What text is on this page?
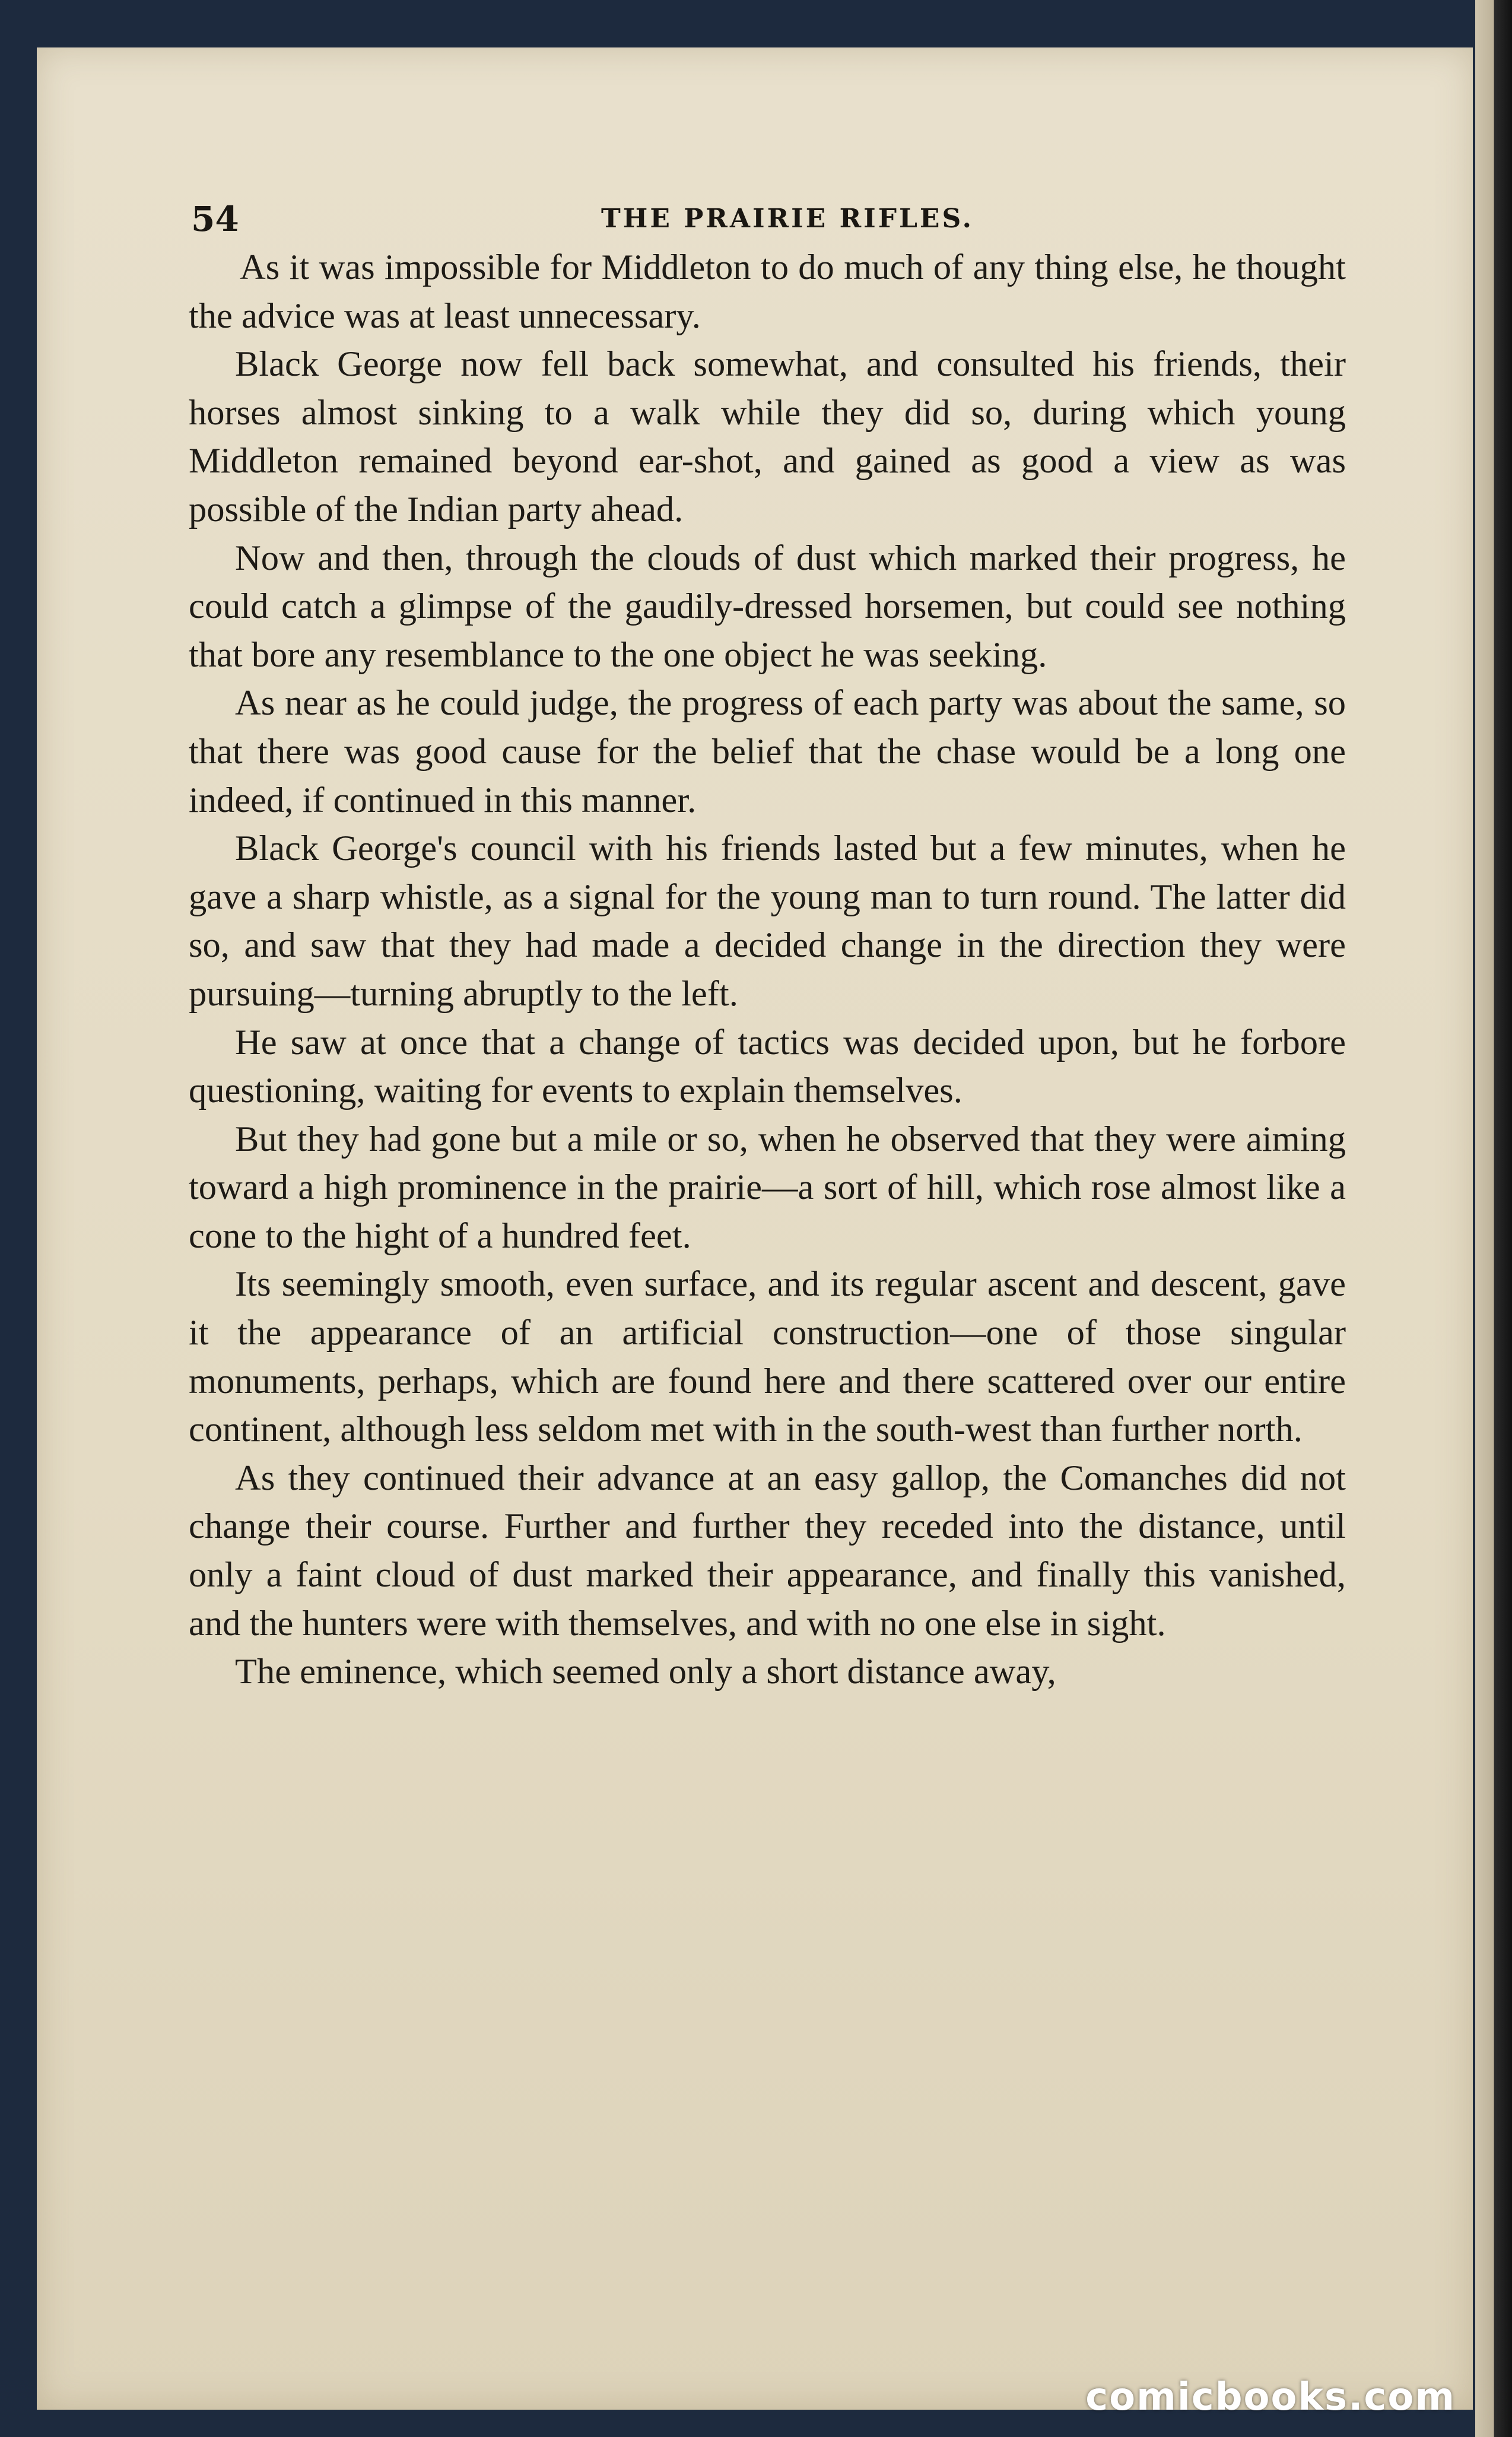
54	THE PRAIRIE RIFLES.

As it was impossible for Middleton to do much of any thing else, he thought the advice was at least unnecessary.

Black George now fell back somewhat, and consulted his friends, their horses almost sinking to a walk while they did so, during which young Middleton remained beyond ear-shot, and gained as good a view as was possible of the Indian party ahead.

Now and then, through the clouds of dust which marked their progress, he could catch a glimpse of the gaudily-dressed horsemen, but could see nothing that bore any resemblance to the one object he was seeking.

As near as he could judge, the progress of each party was about the same, so that there was good cause for the belief that the chase would be a long one indeed, if continued in this manner.

Black George's council with his friends lasted but a few minutes, when he gave a sharp whistle, as a signal for the young man to turn round. The latter did so, and saw that they had made a decided change in the direction they were pursuing—turning abruptly to the left.

He saw at once that a change of tactics was decided upon, but he forbore questioning, waiting for events to explain themselves.

But they had gone but a mile or so, when he observed that they were aiming toward a high prominence in the prairie—a sort of hill, which rose almost like a cone to the hight of a hundred feet.

Its seemingly smooth, even surface, and its regular ascent and descent, gave it the appearance of an artificial construction—one of those singular monuments, perhaps, which are found here and there scattered over our entire continent, although less seldom met with in the south-west than further north.

As they continued their advance at an easy gallop, the Comanches did not change their course. Further and further they receded into the distance, until only a faint cloud of dust marked their appearance, and finally this vanished, and the hunters were with themselves, and with no one else in sight.

The eminence, which seemed only a short distance away,

comicbooks.com
